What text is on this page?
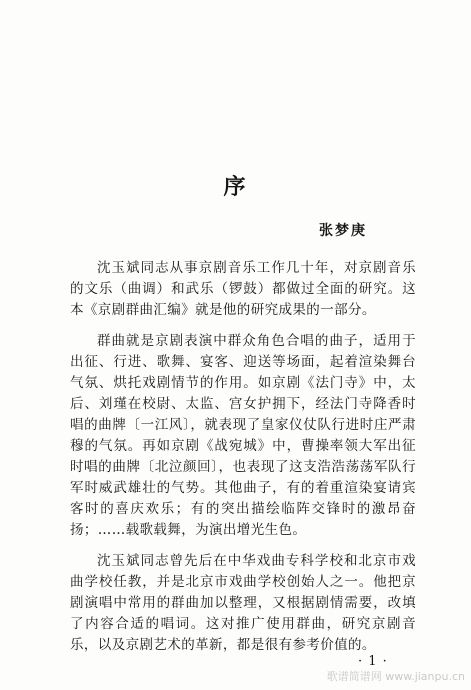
序
张梦庚

沈玉斌同志从事京剧音乐工作几十年，对京剧音乐的文乐（曲调）和武乐（锣鼓）都做过全面的研究。这本《京剧群曲汇编》就是他的研究成果的一部分。

群曲就是京剧表演中群众角色合唱的曲子，适用于出征、行进、歌舞、宴客、迎送等场面，起着渲染舞台气氛、烘托戏剧情节的作用。如京剧《法门寺》中，太后、刘瑾在校尉、太监、宫女护拥下，经法门寺降香时唱的曲牌〔一江风〕，就表现了皇家仪仗队行进时庄严肃穆的气氛。再如京剧《战宛城》中，曹操率领大军出征时唱的曲牌〔北泣颜回〕，也表现了这支浩浩荡荡军队行军时威武雄壮的气势。其他曲子，有的着重渲染宴请宾客时的喜庆欢乐；有的突出描绘临阵交锋时的激昂奋扬；……载歌载舞，为演出增光生色。

沈玉斌同志曾先后在中华戏曲专科学校和北京市戏曲学校任教，并是北京市戏曲学校创始人之一。他把京剧演唱中常用的群曲加以整理，又根据剧情需要，改填了内容合适的唱词。这对推广使用群曲，研究京剧音乐，以及京剧艺术的革新，都是很有参考价值的。

· 1 ·
歌谱简谱网 www.jianpu.cn
